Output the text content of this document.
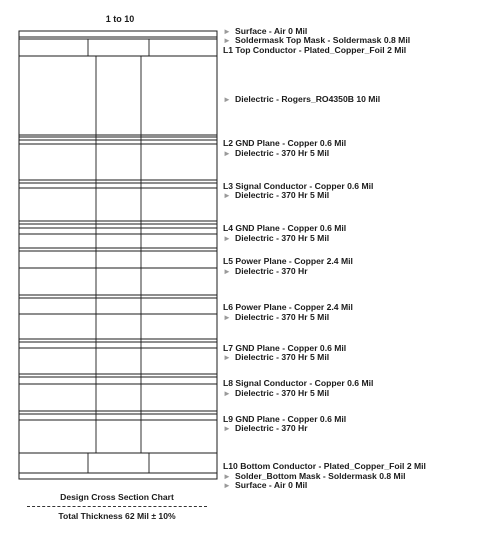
1 to 10
► Surface - Air 0 Mil
► Soldermask Top Mask - Soldermask 0.8 Mil
L1 Top Conductor - Plated_Copper_Foil 2 Mil
► Dielectric - Rogers_RO4350B 10 Mil
L2 GND Plane - Copper 0.6 Mil
► Dielectric - 370 Hr 5 Mil
L3 Signal Conductor - Copper 0.6 Mil
► Dielectric - 370 Hr 5 Mil
L4 GND Plane - Copper 0.6 Mil
► Dielectric - 370 Hr 5 Mil
L5 Power Plane - Copper 2.4 Mil
► Dielectric - 370 Hr
L6 Power Plane - Copper 2.4 Mil
► Dielectric - 370 Hr 5 Mil
L7 GND Plane - Copper 0.6 Mil
► Dielectric - 370 Hr 5 Mil
L8 Signal Conductor - Copper 0.6 Mil
► Dielectric - 370 Hr 5 Mil
L9 GND Plane - Copper 0.6 Mil
► Dielectric - 370 Hr
L10 Bottom Conductor - Plated_Copper_Foil 2 Mil
► Solder_Bottom Mask - Soldermask 0.8 Mil
► Surface - Air 0 Mil
Design Cross Section Chart
Total Thickness 62 Mil ± 10%
